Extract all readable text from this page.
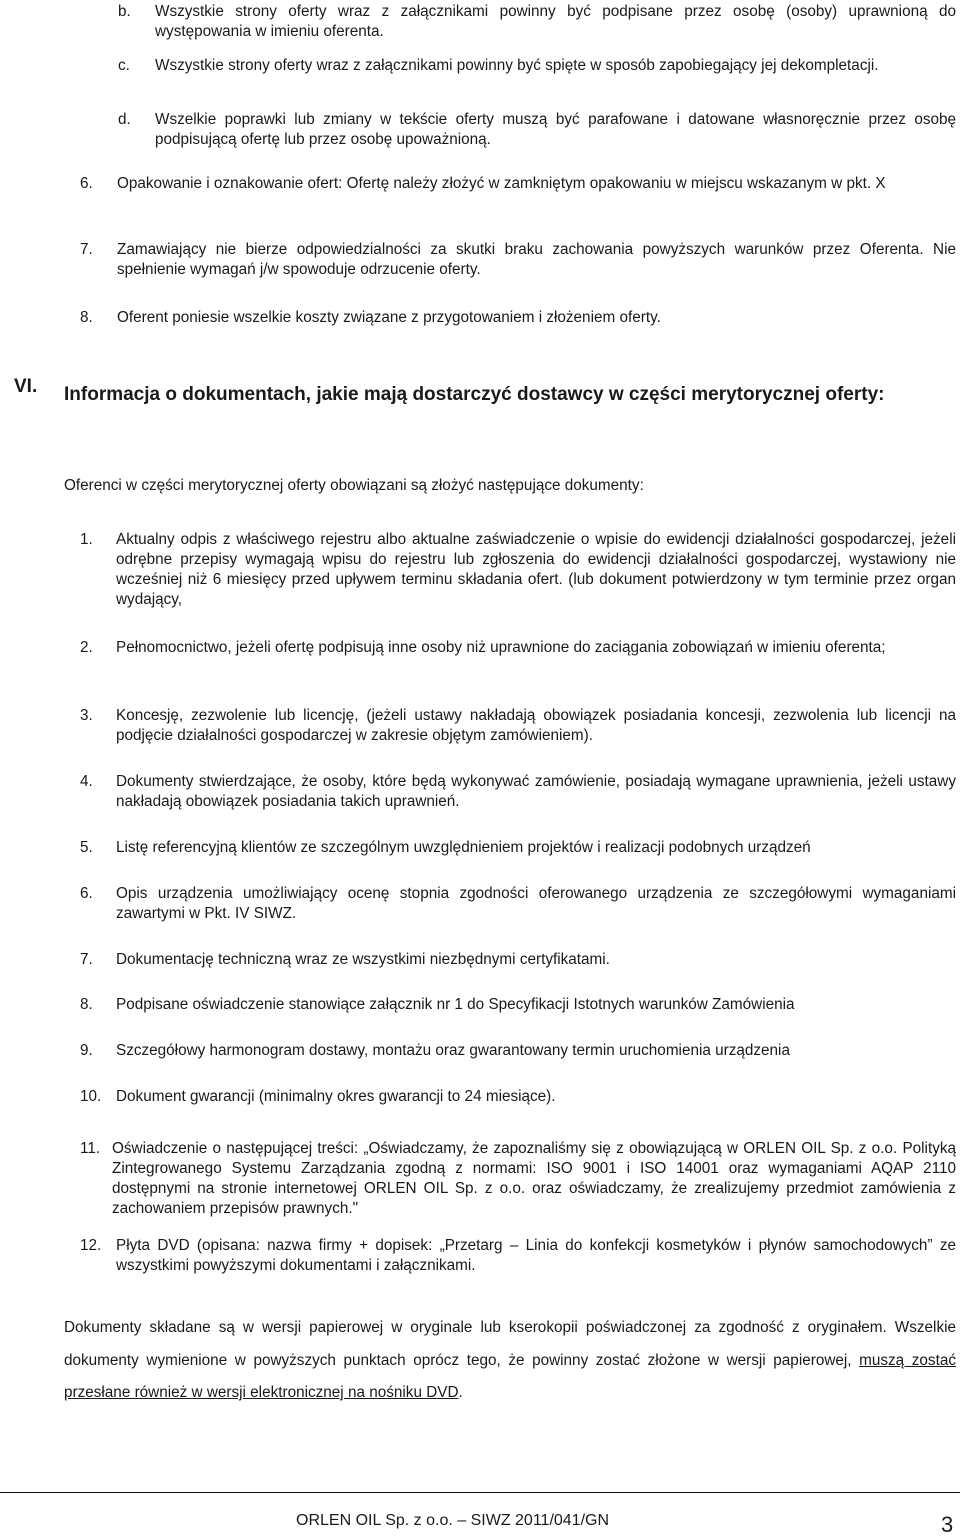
b. Wszystkie strony oferty wraz z załącznikami powinny być podpisane przez osobę (osoby) uprawnioną do występowania w imieniu oferenta.
c. Wszystkie strony oferty wraz z załącznikami powinny być spięte w sposób zapobiegający jej dekompletacji.
d. Wszelkie poprawki lub zmiany w tekście oferty muszą być parafowane i datowane własnoręcznie przez osobę podpisującą ofertę lub przez osobę upoważnioną.
6. Opakowanie i oznakowanie ofert: Ofertę należy złożyć w zamkniętym opakowaniu w miejscu wskazanym w pkt. X
7. Zamawiający nie bierze odpowiedzialności za skutki braku zachowania powyższych warunków przez Oferenta. Nie spełnienie wymagań j/w spowoduje odrzucenie oferty.
8. Oferent poniesie wszelkie koszty związane z przygotowaniem i złożeniem oferty.
VI. Informacja o dokumentach, jakie mają dostarczyć dostawcy w części merytorycznej oferty:
Oferenci w części merytorycznej oferty obowiązani są złożyć następujące dokumenty:
1. Aktualny odpis z właściwego rejestru albo aktualne zaświadczenie o wpisie do ewidencji działalności gospodarczej, jeżeli odrębne przepisy wymagają wpisu do rejestru lub zgłoszenia do ewidencji działalności gospodarczej, wystawiony nie wcześniej niż 6 miesięcy przed upływem terminu składania ofert. (lub dokument potwierdzony w tym terminie przez organ wydający,
2. Pełnomocnictwo, jeżeli ofertę podpisują inne osoby niż uprawnione do zaciągania zobowiązań w imieniu oferenta;
3. Koncesję, zezwolenie lub licencję, (jeżeli ustawy nakładają obowiązek posiadania koncesji, zezwolenia lub licencji na podjęcie działalności gospodarczej w zakresie objętym zamówieniem).
4. Dokumenty stwierdzające, że osoby, które będą wykonywać zamówienie, posiadają wymagane uprawnienia, jeżeli ustawy nakładają obowiązek posiadania takich uprawnień.
5. Listę referencyjną klientów ze szczególnym uwzględnieniem projektów i realizacji podobnych urządzeń
6. Opis urządzenia umożliwiający ocenę stopnia zgodności oferowanego urządzenia ze szczegółowymi wymaganiami zawartymi w Pkt. IV SIWZ.
7. Dokumentację techniczną wraz ze wszystkimi niezbędnymi certyfikatami.
8. Podpisane oświadczenie stanowiące załącznik nr 1 do Specyfikacji Istotnych warunków Zamówienia
9. Szczegółowy harmonogram dostawy, montażu oraz gwarantowany termin uruchomienia urządzenia
10. Dokument gwarancji (minimalny okres gwarancji to 24 miesiące).
11. Oświadczenie o następującej treści: „Oświadczamy, że zapoznaliśmy się z obowiązującą w ORLEN OIL Sp. z o.o. Polityką Zintegrowanego Systemu Zarządzania zgodną z normami: ISO 9001 i ISO 14001 oraz wymaganiami AQAP 2110 dostępnymi na stronie internetowej ORLEN OIL Sp. z o.o. oraz oświadczamy, że zrealizujemy przedmiot zamówienia z zachowaniem przepisów prawnych."
12. Płyta DVD (opisana: nazwa firmy + dopisek: „Przetarg – Linia do konfekcji kosmetyków i płynów samochodowych” ze wszystkimi powyższymi dokumentami i załącznikami.
Dokumenty składane są w wersji papierowej w oryginale lub kserokopii poświadczonej za zgodność z oryginałem. Wszelkie dokumenty wymienione w powyższych punktach oprócz tego, że powinny zostać złożone w wersji papierowej, muszą zostać przesłane również w wersji elektronicznej na nośniku DVD.
ORLEN OIL Sp. z o.o. – SIWZ 2011/041/GN	3
